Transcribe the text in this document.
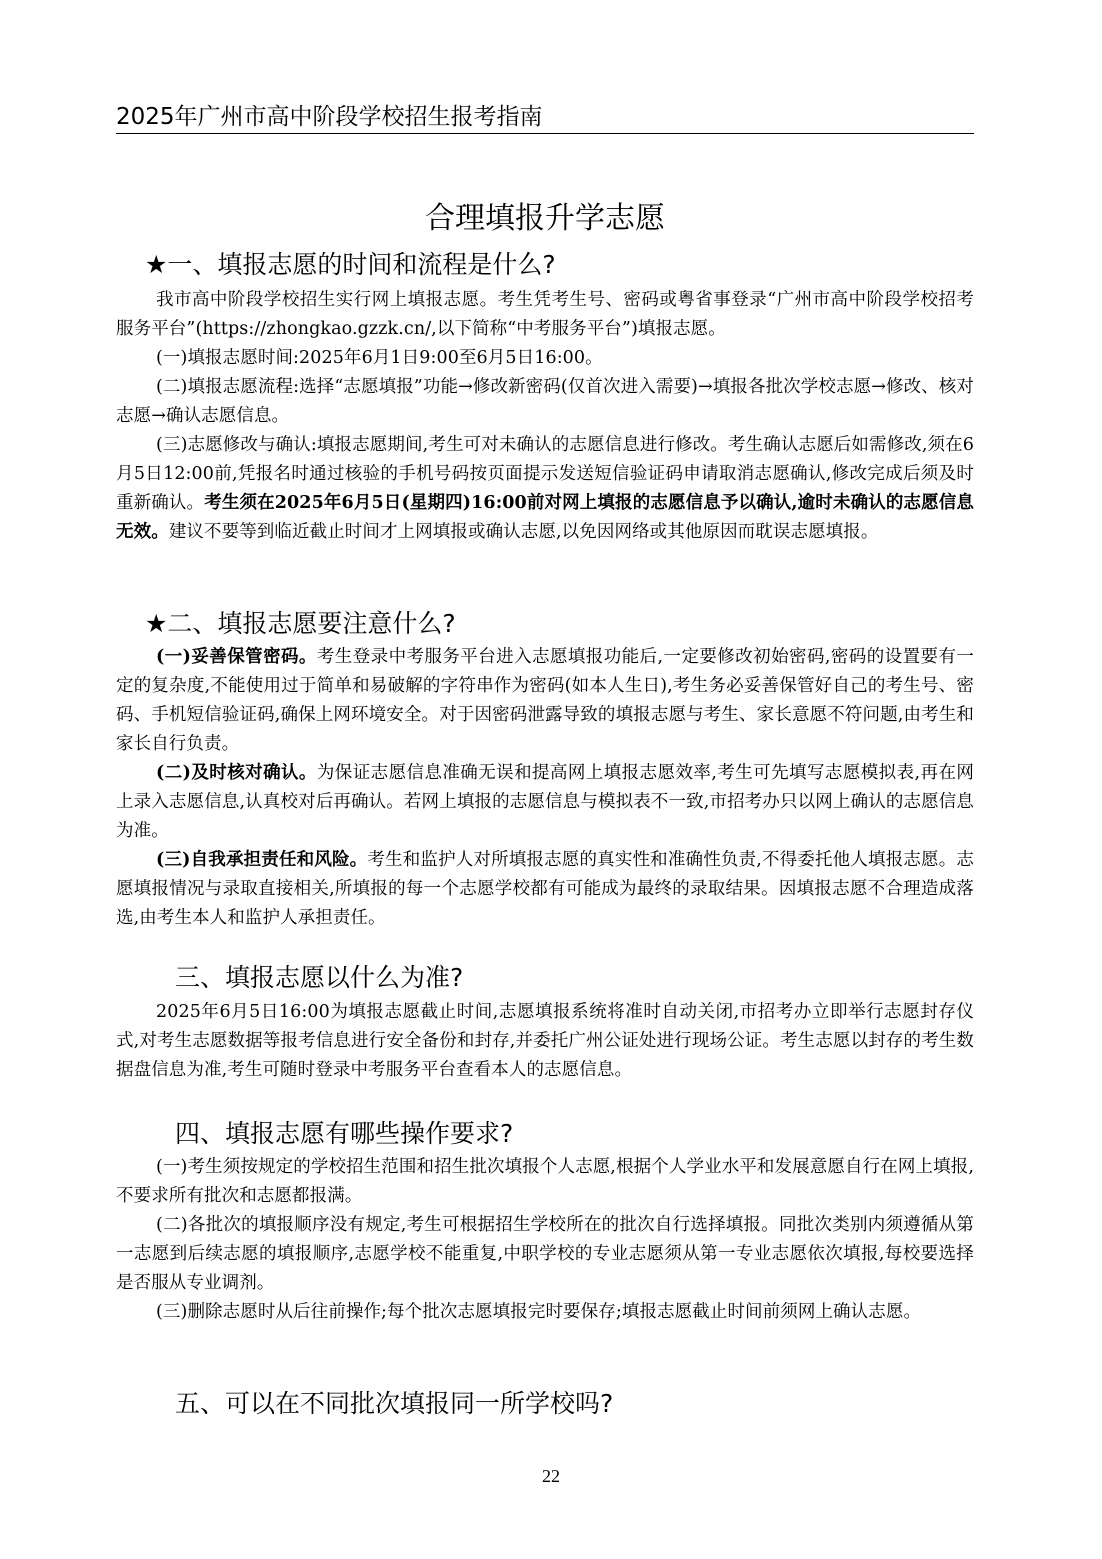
2025年广州市高中阶段学校招生报考指南
合理填报升学志愿
★一、填报志愿的时间和流程是什么?
我市高中阶段学校招生实行网上填报志愿。考生凭考生号、密码或粤省事登录“广州市高中阶段学校招考服务平台”(https://zhongkao.gzzk.cn/,以下简称“中考服务平台”)填报志愿。
(一)填报志愿时间:2025年6月1日9:00至6月5日16:00。
(二)填报志愿流程:选择“志愿填报”功能→修改新密码(仅首次进入需要)→填报各批次学校志愿→修改、核对志愿→确认志愿信息。
(三)志愿修改与确认:填报志愿期间,考生可对未确认的志愿信息进行修改。考生确认志愿后如需修改,须在6月5日12:00前,凭报名时通过核验的手机号码按页面提示发送短信验证码申请取消志愿确认,修改完成后须及时重新确认。考生须在2025年6月5日(星期四)16:00前对网上填报的志愿信息予以确认,逾时未确认的志愿信息无效。建议不要等到临近截止时间才上网填报或确认志愿,以免因网络或其他原因而耽误志愿填报。
★二、填报志愿要注意什么?
(一)妥善保管密码。考生登录中考服务平台进入志愿填报功能后,一定要修改初始密码,密码的设置要有一定的复杂度,不能使用过于简单和易破解的字符串作为密码(如本人生日),考生务必妥善保管好自己的考生号、密码、手机短信验证码,确保上网环境安全。对于因密码泄露导致的填报志愿与考生、家长意愿不符问题,由考生和家长自行负责。
(二)及时核对确认。为保证志愿信息准确无误和提高网上填报志愿效率,考生可先填写志愿模拟表,再在网上录入志愿信息,认真校对后再确认。若网上填报的志愿信息与模拟表不一致,市招考办只以网上确认的志愿信息为准。
(三)自我承担责任和风险。考生和监护人对所填报志愿的真实性和准确性负责,不得委托他人填报志愿。志愿填报情况与录取直接相关,所填报的每一个志愿学校都有可能成为最终的录取结果。因填报志愿不合理造成落选,由考生本人和监护人承担责任。
三、填报志愿以什么为准?
2025年6月5日16:00为填报志愿截止时间,志愿填报系统将准时自动关闭,市招考办立即举行志愿封存仪式,对考生志愿数据等报考信息进行安全备份和封存,并委托广州公证处进行现场公证。考生志愿以封存的考生数据盘信息为准,考生可随时登录中考服务平台查看本人的志愿信息。
四、填报志愿有哪些操作要求?
(一)考生须按规定的学校招生范围和招生批次填报个人志愿,根据个人学业水平和发展意愿自行在网上填报,不要求所有批次和志愿都报满。
(二)各批次的填报顺序没有规定,考生可根据招生学校所在的批次自行选择填报。同批次类别内须遵循从第一志愿到后续志愿的填报顺序,志愿学校不能重复,中职学校的专业志愿须从第一专业志愿依次填报,每校要选择是否服从专业调剂。
(三)删除志愿时从后往前操作;每个批次志愿填报完时要保存;填报志愿截止时间前须网上确认志愿。
五、可以在不同批次填报同一所学校吗?
22
